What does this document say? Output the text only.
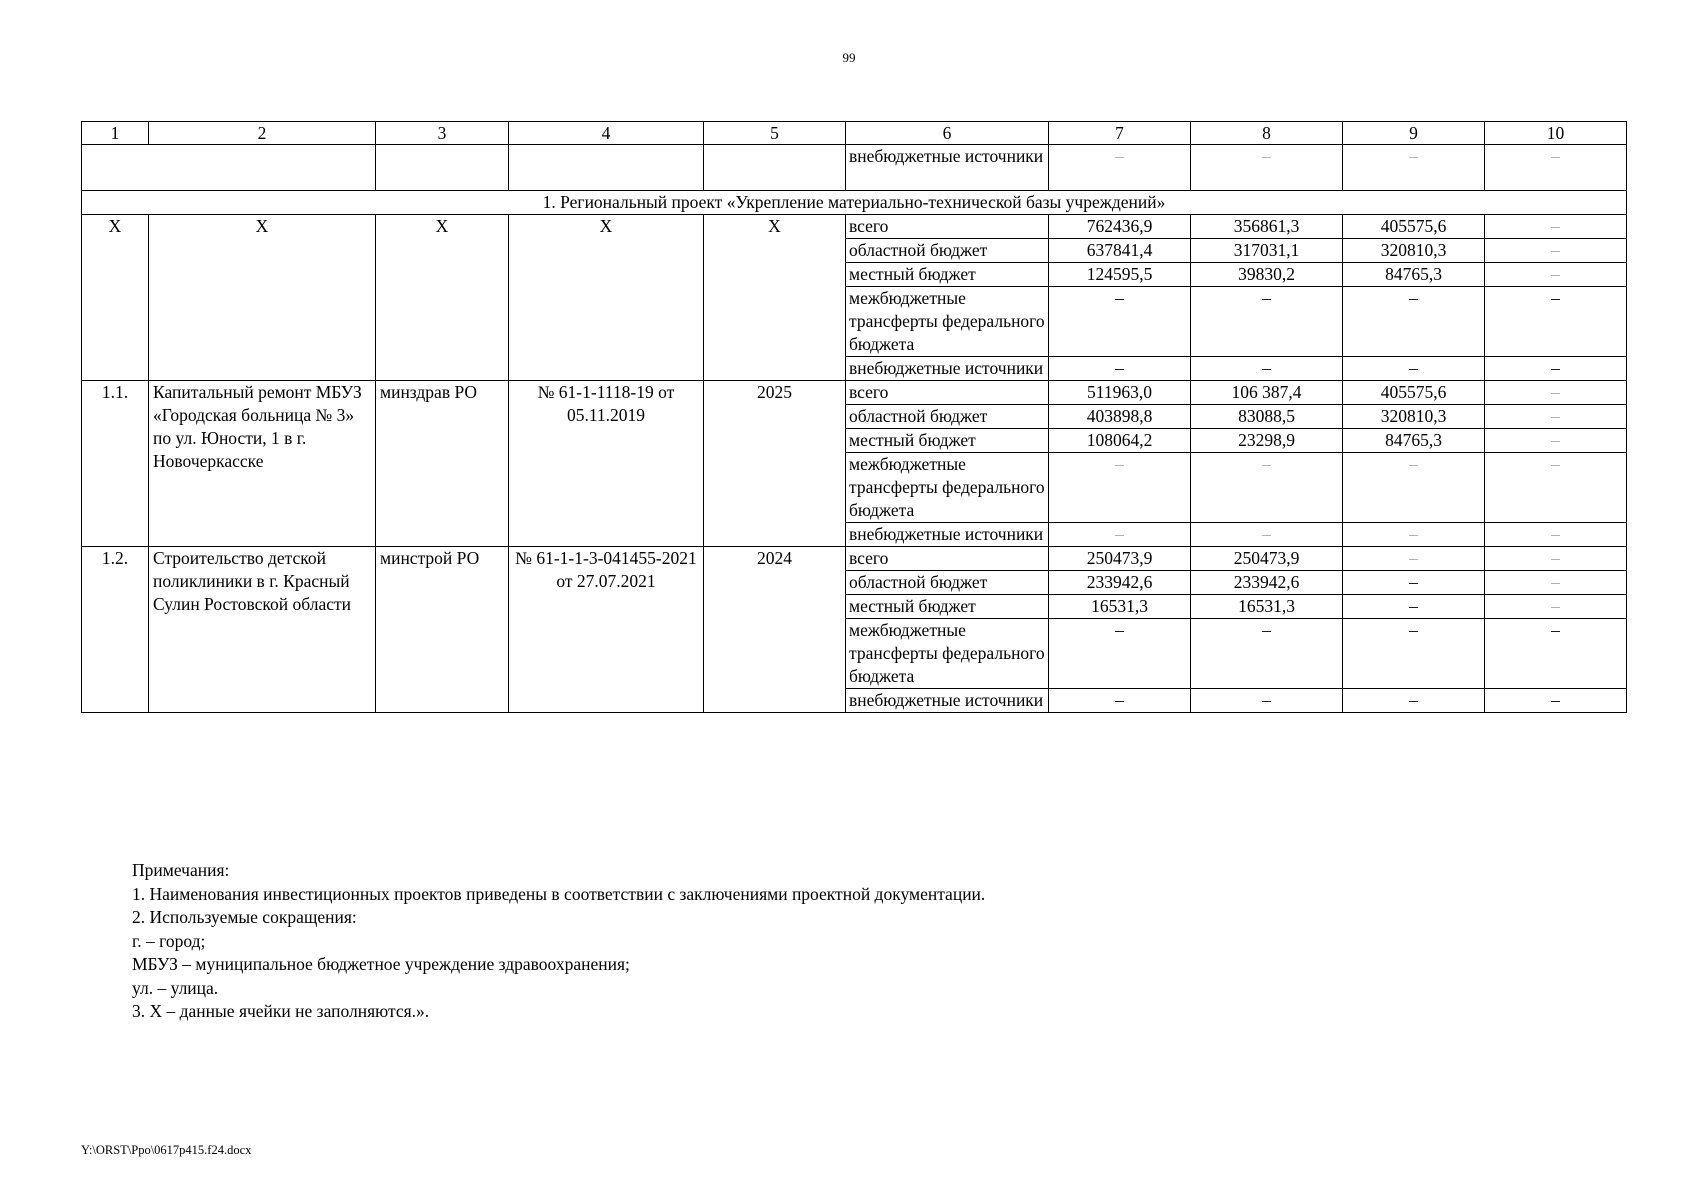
99
1	2	3	4	5	6	7	8	9	10
					внебюджетные источники	–	–	–	–
1. Региональный проект «Укрепление материально-технической базы учреждений»									
X	X	X	X	X	всего	762436,9	356861,3	405575,6	–
					областной бюджет	637841,4	317031,1	320810,3	–
					местный бюджет	124595,5	39830,2	84765,3	–
					межбюджетные трансферты федерального бюджета	–	–	–	–
					внебюджетные источники	–	–	–	–
1.1.	Капитальный ремонт МБУЗ «Городская больница № 3» по ул. Юности, 1 в г. Новочеркасске	минздрав РО	№ 61-1-1118-19 от 05.11.2019	2025	всего	511963,0	106 387,4	405575,6	–
					областной бюджет	403898,8	83088,5	320810,3	–
					местный бюджет	108064,2	23298,9	84765,3	–
					межбюджетные трансферты федерального бюджета	–	–	–	–
					внебюджетные источники	–	–	–	–
1.2.	Строительство детской поликлиники в г. Красный Сулин Ростовской области	минстрой РО	№ 61-1-1-3-041455-2021 от 27.07.2021	2024	всего	250473,9	250473,9	–	–
					областной бюджет	233942,6	233942,6	–	–
					местный бюджет	16531,3	16531,3	–	–
					межбюджетные трансферты федерального бюджета	–	–	–	–
					внебюджетные источники	–	–	–	–
Примечания:
1. Наименования инвестиционных проектов приведены в соответствии с заключениями проектной документации.
2. Используемые сокращения:
г. – город;
МБУЗ – муниципальное бюджетное учреждение здравоохранения;
ул. – улица.
3. Х – данные ячейки не заполняются.».
Y:\ORST\Ppo\0617p415.f24.docx
